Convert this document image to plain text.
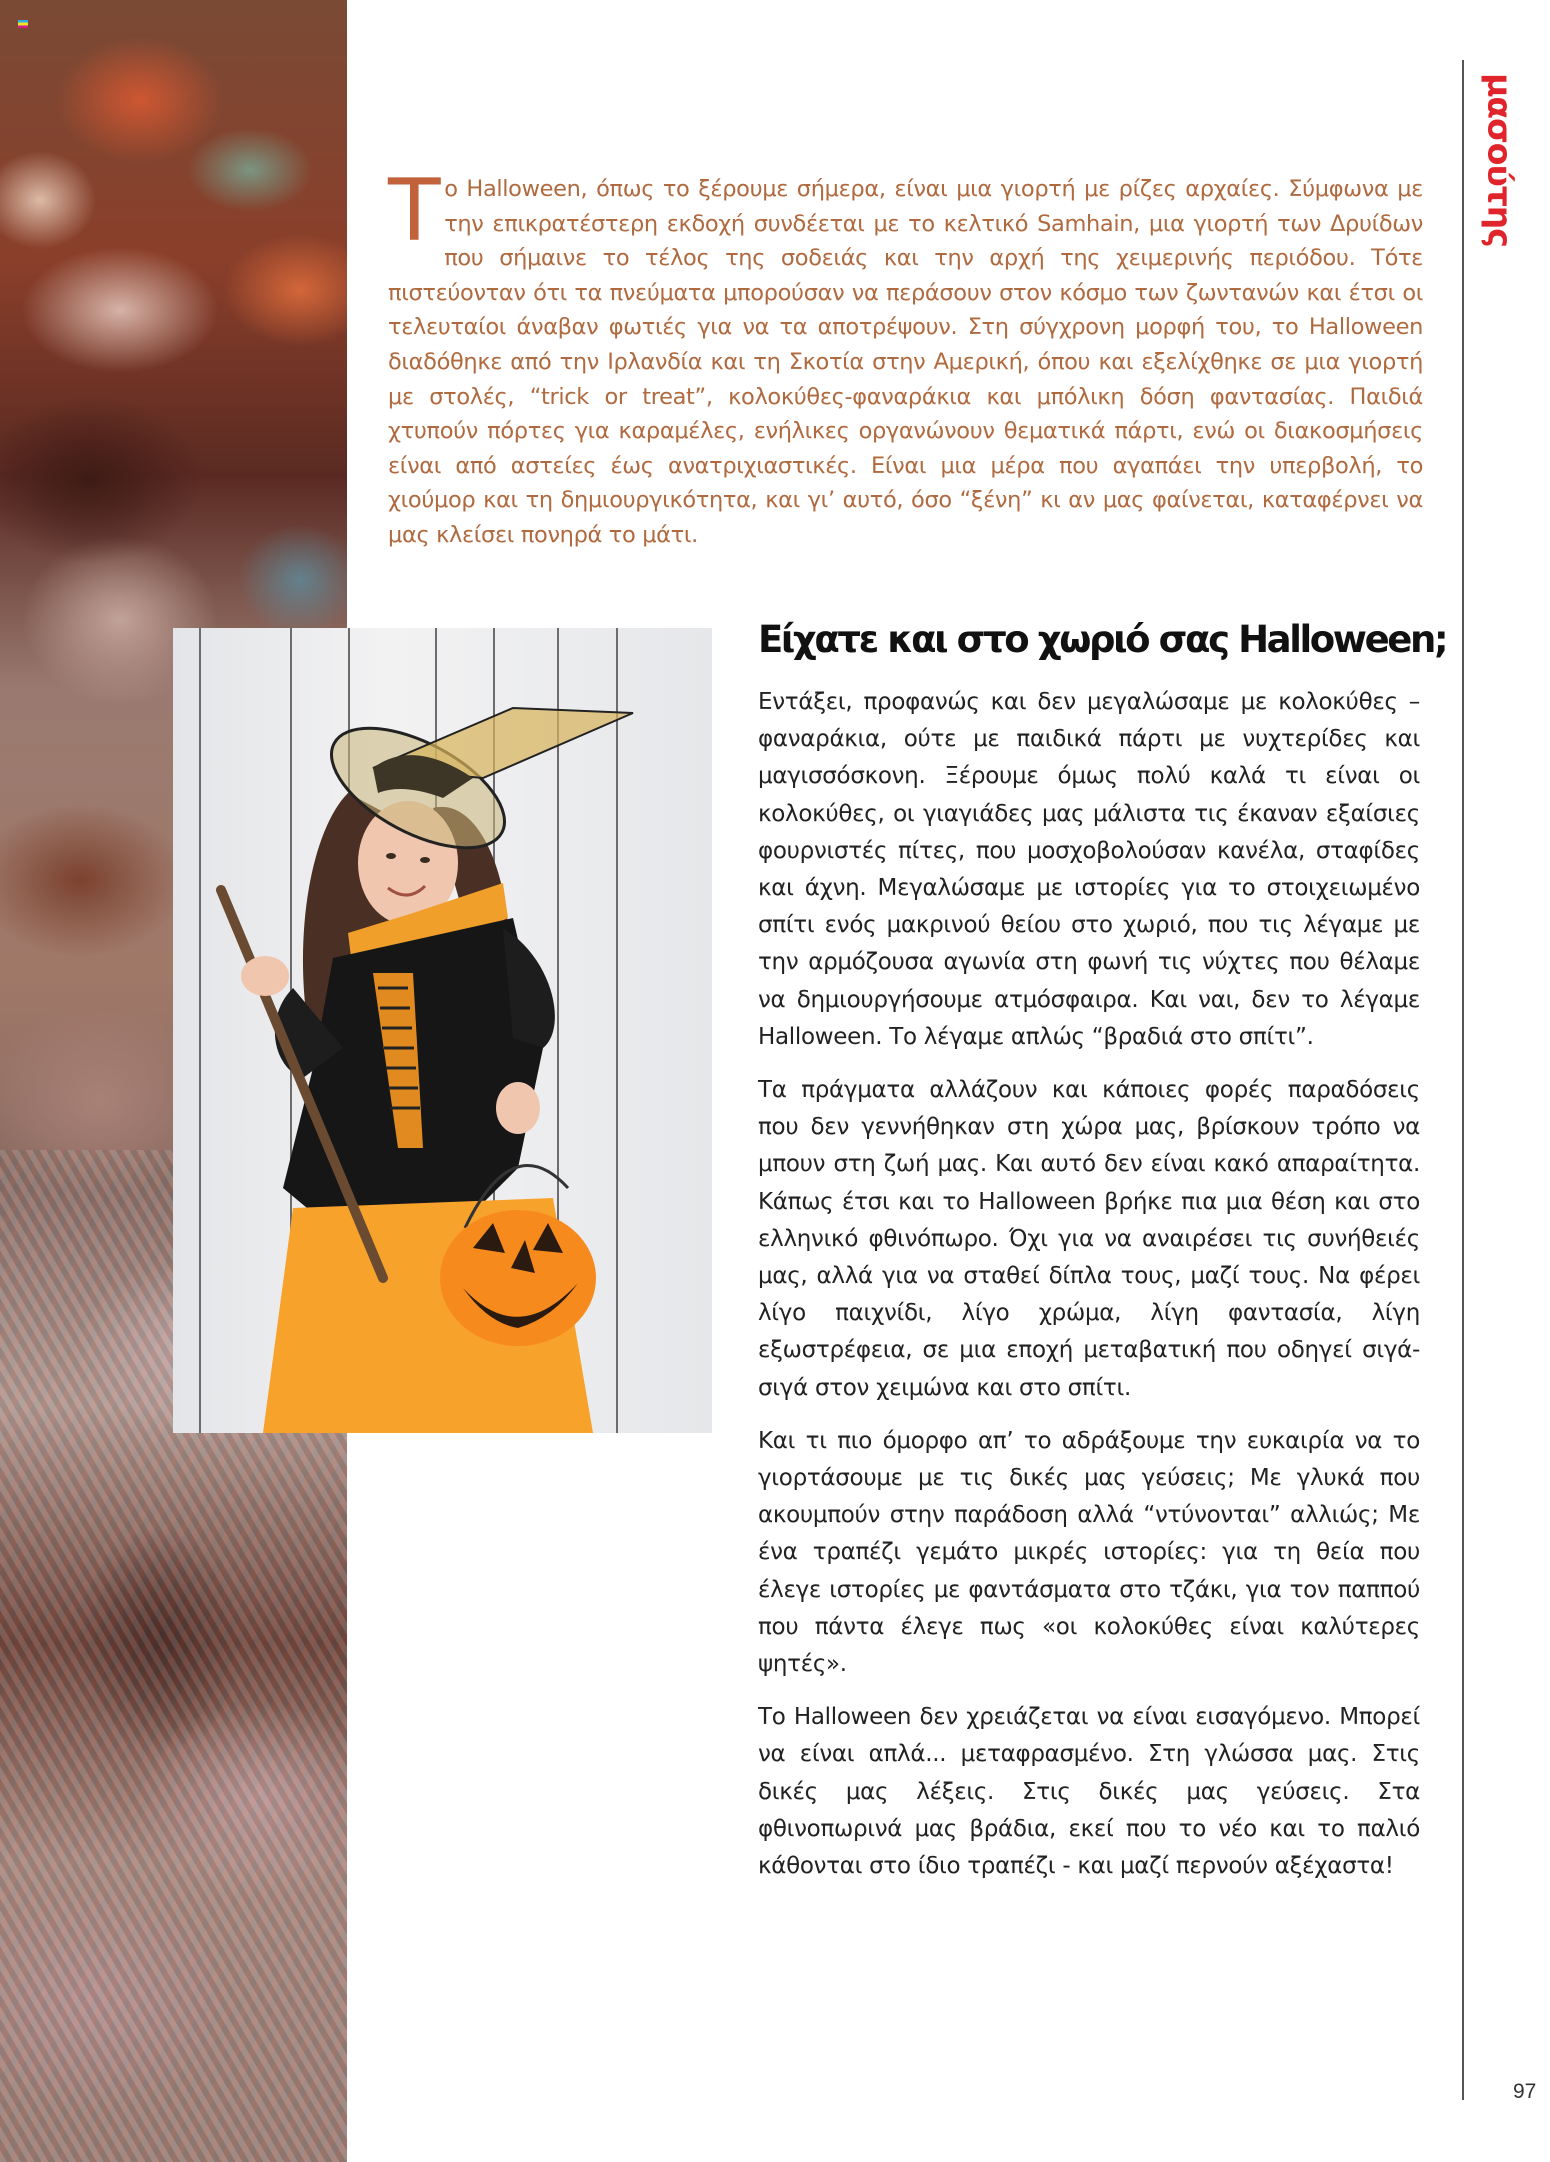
Το Halloween, όπως το ξέρουμε σήμερα, είναι μια γιορτή με ρίζες αρχαίες. Σύμφωνα με την επικρατέστερη εκδοχή συνδέεται με το κελτικό Samhain, μια γιορτή των Δρυίδων που σήμαινε το τέλος της σοδειάς και την αρχή της χειμερινής περιόδου. Τότε πιστεύονταν ότι τα πνεύματα μπορούσαν να περάσουν στον κόσμο των ζωντανών και έτσι οι τελευταίοι άναβαν φωτιές για να τα αποτρέψουν. Στη σύγχρονη μορφή του, το Halloween διαδόθηκε από την Ιρλανδία και τη Σκοτία στην Αμερική, όπου και εξελίχθηκε σε μια γιορτή με στολές, “trick or treat”, κολοκύθες-φαναράκια και μπόλικη δόση φαντασίας. Παιδιά χτυπούν πόρτες για καραμέλες, ενήλικες οργανώνουν θεματικά πάρτι, ενώ οι διακοσμήσεις είναι από αστείες έως ανατριχιαστικές. Είναι μια μέρα που αγαπάει την υπερβολή, το χιούμορ και τη δημιουργικότητα, και γι’ αυτό, όσο “ξένη” κι αν μας φαίνεται, καταφέρνει να μας κλείσει πονηρά το μάτι.
Είχατε και στο χωριό σας Halloween;

Εντάξει, προφανώς και δεν μεγαλώσαμε με κολοκύθες – φαναράκια, ούτε με παιδικά πάρτι με νυχτερίδες και μαγισσόσκονη. Ξέρουμε όμως πολύ καλά τι είναι οι κολοκύθες, οι γιαγιάδες μας μάλιστα τις έκαναν εξαίσιες φουρνιστές πίτες, που μοσχοβολούσαν κανέλα, σταφίδες και άχνη. Μεγαλώσαμε με ιστορίες για το στοιχειωμένο σπίτι ενός μακρινού θείου στο χωριό, που τις λέγαμε με την αρμόζουσα αγωνία στη φωνή τις νύχτες που θέλαμε να δημιουργήσουμε ατμόσφαιρα. Και ναι, δεν το λέγαμε Halloween. Το λέγαμε απλώς “βραδιά στο σπίτι”.

Τα πράγματα αλλάζουν και κάποιες φορές παραδόσεις που δεν γεννήθηκαν στη χώρα μας, βρίσκουν τρόπο να μπουν στη ζωή μας. Και αυτό δεν είναι κακό απαραίτητα. Κάπως έτσι και το Halloween βρήκε πια μια θέση και στο ελληνικό φθινόπωρο. Όχι για να αναιρέσει τις συνήθειές μας, αλλά για να σταθεί δίπλα τους, μαζί τους. Να φέρει λίγο παιχνίδι, λίγο χρώμα, λίγη φαντασία, λίγη εξωστρέφεια, σε μια εποχή μεταβατική που οδηγεί σιγά-σιγά στον χειμώνα και στο σπίτι.

Και τι πιο όμορφο απ’ το αδράξουμε την ευκαιρία να το γιορτάσουμε με τις δικές μας γεύσεις; Με γλυκά που ακουμπούν στην παράδοση αλλά “ντύνονται” αλλιώς; Με ένα τραπέζι γεμάτο μικρές ιστορίες: για τη θεία που έλεγε ιστορίες με φαντάσματα στο τζάκι, για τον παππού που πάντα έλεγε πως «οι κολοκύθες είναι καλύτερες ψητές».

Το Halloween δεν χρειάζεται να είναι εισαγόμενο. Μπορεί να είναι απλά... μεταφρασμένο. Στη γλώσσα μας. Στις δικές μας λέξεις. Στις δικές μας γεύσεις. Στα φθινοπωρινά μας βράδια, εκεί που το νέο και το παλιό κάθονται στο ίδιο τραπέζι - και μαζί περνούν αξέχαστα!

μασούτης
97
